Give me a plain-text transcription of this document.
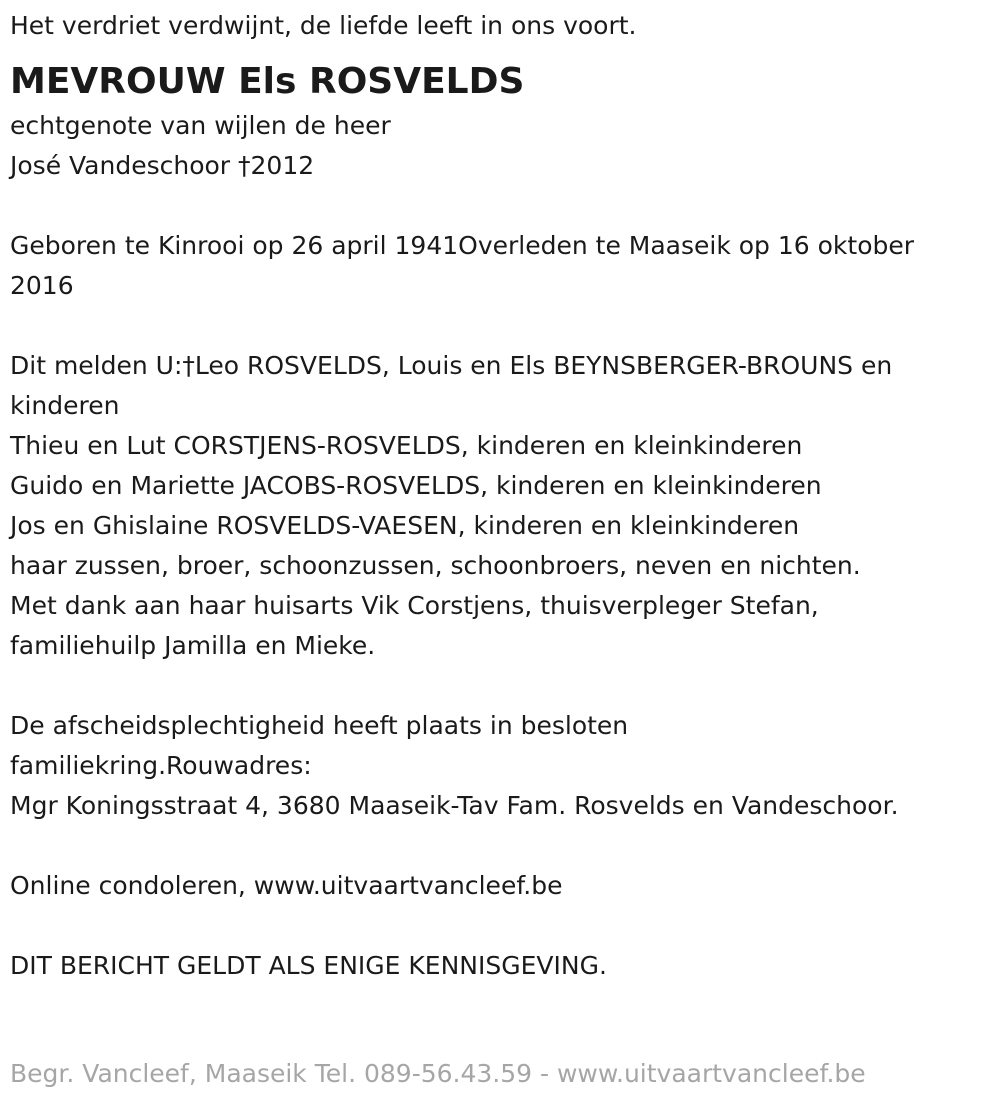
Het verdriet verdwijnt, de liefde leeft in ons voort.

MEVROUW Els ROSVELDS

echtgenote van wijlen de heer

José Vandeschoor †2012

Geboren te Kinrooi op 26 april 1941Overleden te Maaseik op 16 oktober 2016

Dit melden U:†Leo ROSVELDS, Louis en Els BEYNSBERGER-BROUNS en kinderen

Thieu en Lut CORSTJENS-ROSVELDS, kinderen en kleinkinderen

Guido en Mariette JACOBS-ROSVELDS, kinderen en kleinkinderen

Jos en Ghislaine ROSVELDS-VAESEN, kinderen en kleinkinderen

haar zussen, broer, schoonzussen, schoonbroers, neven en nichten.

Met dank aan haar huisarts Vik Corstjens, thuisverpleger Stefan,

familiehuilp Jamilla en Mieke.

De afscheidsplechtigheid heeft plaats in besloten

familiekring.Rouwadres:

Mgr Koningsstraat 4, 3680 Maaseik-Tav Fam. Rosvelds en Vandeschoor.

Online condoleren, www.uitvaartvancleef.be

DIT BERICHT GELDT ALS ENIGE KENNISGEVING.

Begr. Vancleef, Maaseik Tel. 089-56.43.59 - www.uitvaartvancleef.be
